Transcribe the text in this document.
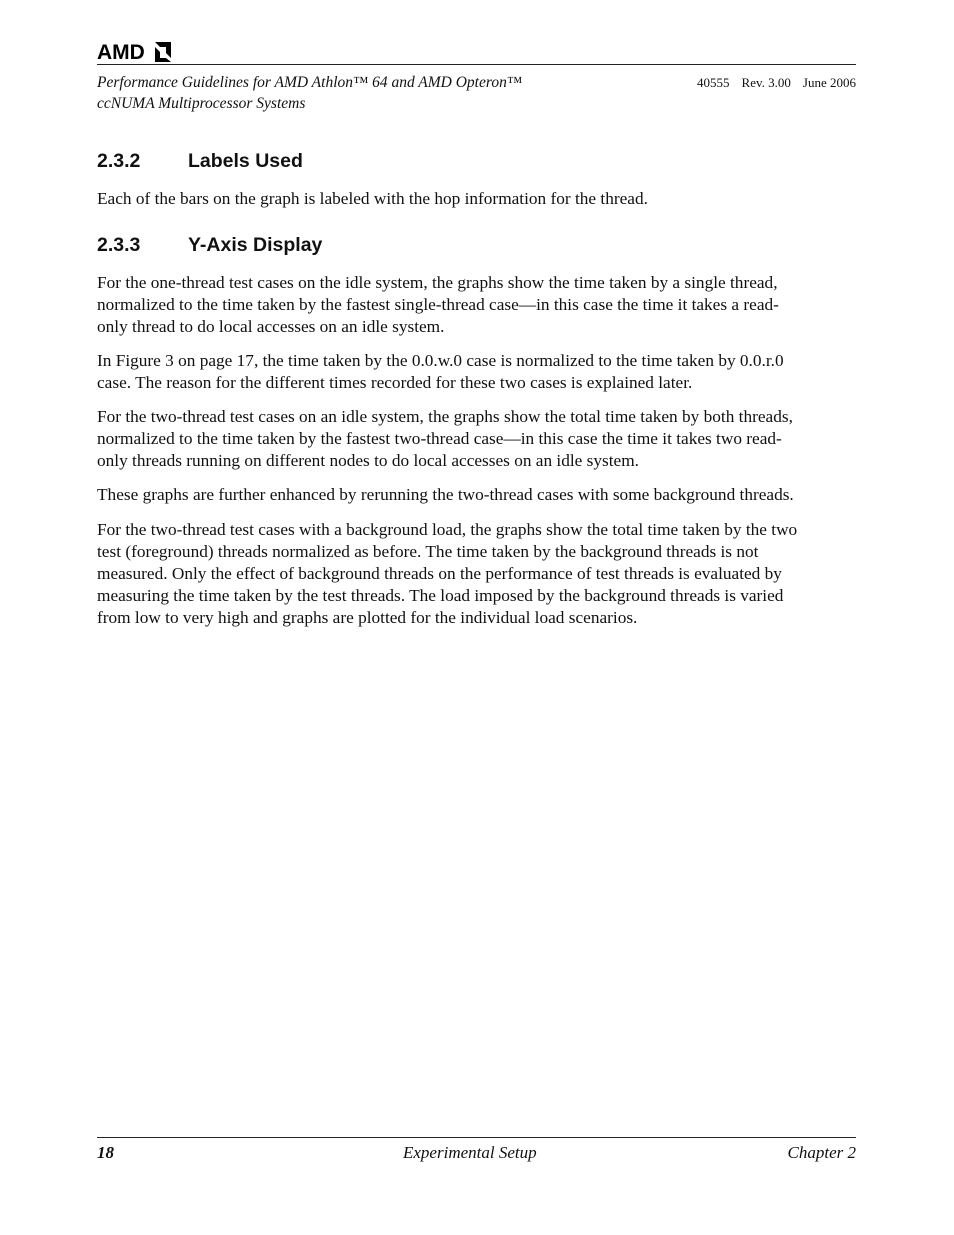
AMD
Performance Guidelines for AMD Athlon™ 64 and AMD Opteron™
ccNUMA Multiprocessor Systems
40555 Rev. 3.00 June 2006
2.3.2 Labels Used
Each of the bars on the graph is labeled with the hop information for the thread.
2.3.3 Y-Axis Display
For the one-thread test cases on the idle system, the graphs show the time taken by a single thread,
normalized to the time taken by the fastest single-thread case—in this case the time it takes a read-
only thread to do local accesses on an idle system.
In Figure 3 on page 17, the time taken by the 0.0.w.0 case is normalized to the time taken by 0.0.r.0
case. The reason for the different times recorded for these two cases is explained later.
For the two-thread test cases on an idle system, the graphs show the total time taken by both threads,
normalized to the time taken by the fastest two-thread case—in this case the time it takes two read-
only threads running on different nodes to do local accesses on an idle system.
These graphs are further enhanced by rerunning the two-thread cases with some background threads.
For the two-thread test cases with a background load, the graphs show the total time taken by the two
test (foreground) threads normalized as before. The time taken by the background threads is not
measured. Only the effect of background threads on the performance of test threads is evaluated by
measuring the time taken by the test threads. The load imposed by the background threads is varied
from low to very high and graphs are plotted for the individual load scenarios.
18	Experimental Setup	Chapter 2
